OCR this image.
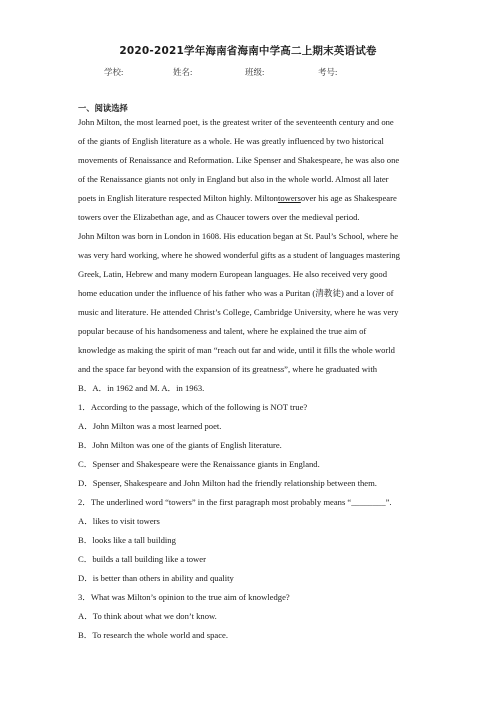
2020-2021学年海南省海南中学高二上期末英语试卷
学校:	姓名:	班级:	考号:
一、阅读选择
John Milton, the most learned poet, is the greatest writer of the seventeenth century and one
of the giants of English literature as a whole. He was greatly influenced by two historical
movements of Renaissance and Reformation. Like Spenser and Shakespeare, he was also one
of the Renaissance giants not only in England but also in the whole world. Almost all later
poets in English literature respected Milton highly. Miltontowersover his age as Shakespeare
towers over the Elizabethan age, and as Chaucer towers over the medieval period.
John Milton was born in London in 1608. His education began at St. Paul’s School, where he
was very hard working, where he showed wonderful gifts as a student of languages mastering
Greek, Latin, Hebrew and many modern European languages. He also received very good
home education under the influence of his father who was a Puritan (清教徒) and a lover of
music and literature. He attended Christ’s College, Cambridge University, where he was very
popular because of his handsomeness and talent, where he explained the true aim of
knowledge as making the spirit of man “reach out far and wide, until it fills the whole world
and the space far beyond with the expansion of its greatness”, where he graduated with
B．A．in 1962 and M. A．in 1963.
1．According to the passage, which of the following is NOT true?
A．John Milton was a most learned poet.
B．John Milton was one of the giants of English literature.
C．Spenser and Shakespeare were the Renaissance giants in England.
D．Spenser, Shakespeare and John Milton had the friendly relationship between them.
2．The underlined word “towers” in the first paragraph most probably means “________”.
A．likes to visit towers
B．looks like a tall building
C．builds a tall building like a tower
D．is better than others in ability and quality
3．What was Milton’s opinion to the true aim of knowledge?
A．To think about what we don’t know.
B．To research the whole world and space.
